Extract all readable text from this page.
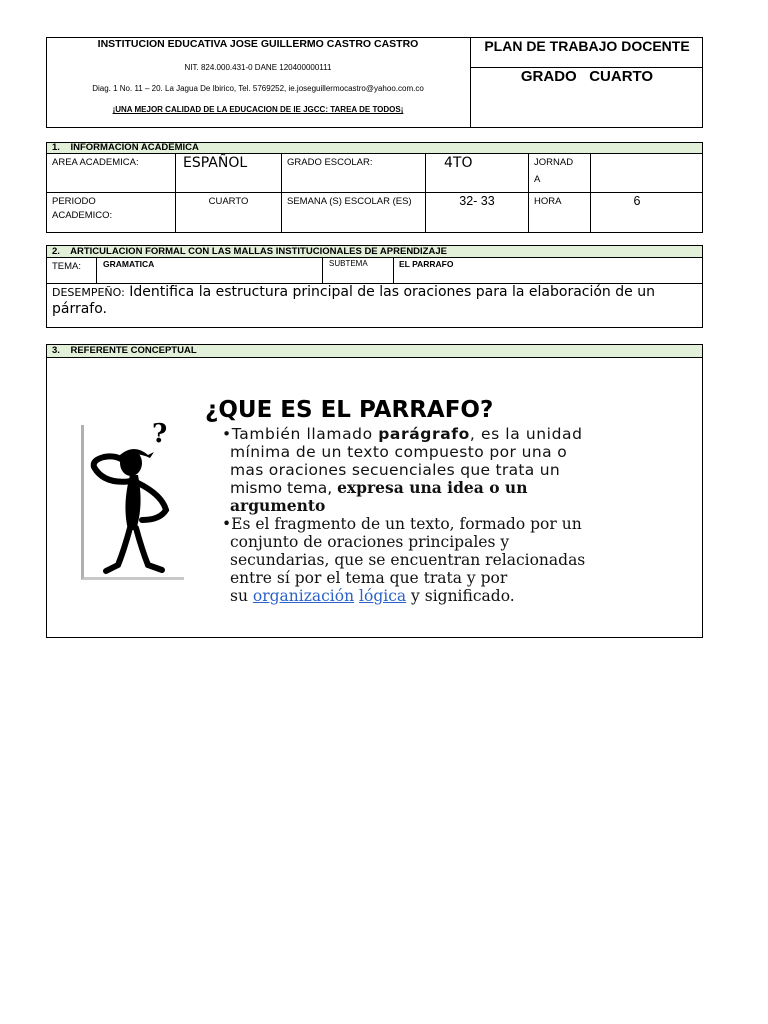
INSTITUCION EDUCATIVA JOSE GUILLERMO CASTRO CASTRO
NIT. 824.000.431-0 DANE 120400000111
Diag. 1 No. 11 – 20. La Jagua De Ibirico, Tel. 5769252, ie.joseguillermocastro@yahoo.com.co
¡UNA MEJOR CALIDAD DE LA EDUCACION DE IE JGCC: TAREA DE TODOS¡
PLAN DE TRABAJO DOCENTE
GRADO   CUARTO
1.    INFORMACION ACADEMICA
AREA ACADEMICA:	ESPAÑOL	GRADO ESCOLAR:	4TO	JORNAD
A
PERIODO
ACADEMICO:
CUARTO	SEMANA (S) ESCOLAR (ES)	32- 33	HORA	6
2.    ARTICULACION FORMAL CON LAS MALLAS INSTITUCIONALES DE APRENDIZAJE
TEMA:	GRAMATICA	SUBTEMA	EL PARRAFO
DESEMPEÑO: Identifica la estructura principal de las oraciones para la elaboración de un párrafo.
3.    REFERENTE CONCEPTUAL
?
¿QUE ES EL PARRAFO?
•También llamado parágrafo, es la unidad
mínima de un texto compuesto por una o
mas oraciones secuenciales que trata un
mismo tema, expresa una idea o un
argumento
•Es el fragmento de un texto, formado por un
conjunto de oraciones principales y
secundarias, que se encuentran relacionadas
entre sí por el tema que trata y por
su organización lógica y significado.
